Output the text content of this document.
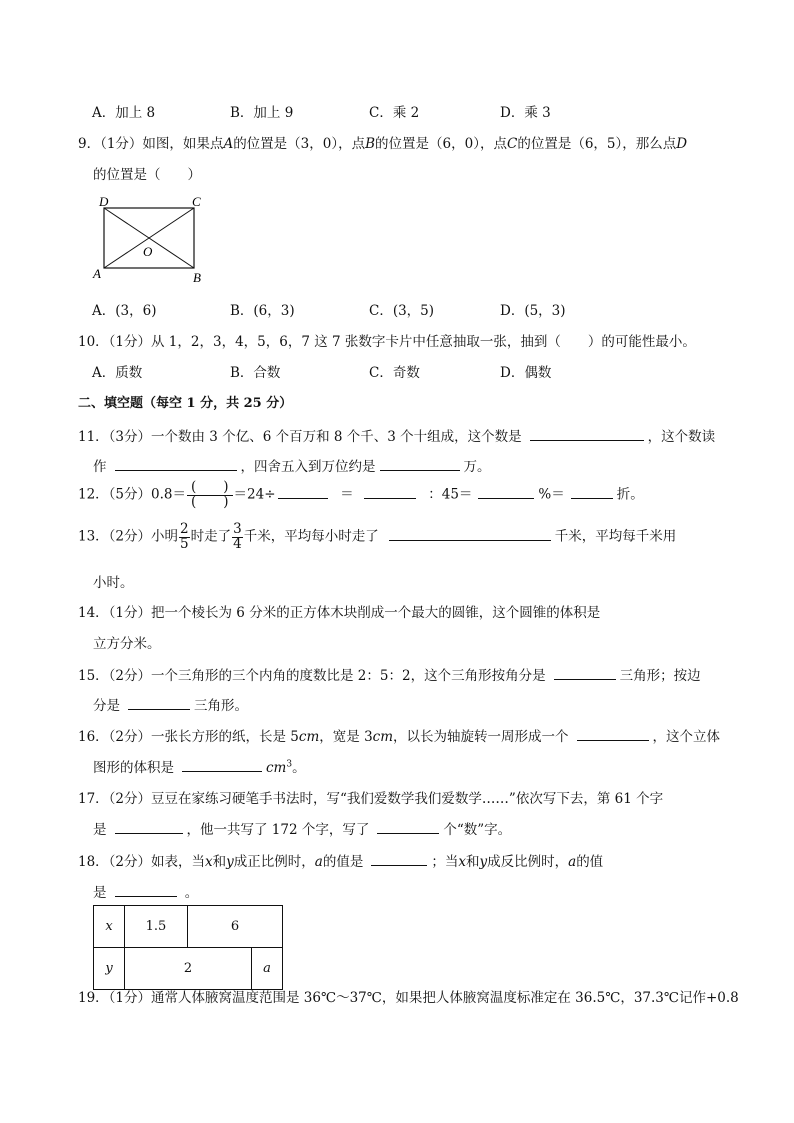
A．加上 8	B．加上 9	C．乘 2	D．乘 3
9．（1分）如图，如果点A的位置是（3，0），点B的位置是（6，0），点C的位置是（6，5），那么点D
的位置是（　　）
D	C
O
A	B
A．(3，6)	B．(6，3)	C．(3，5)	D．(5，3)
10．（1分）从 1，2，3，4，5，6，7 这 7 张数字卡片中任意抽取一张，抽到（　　）的可能性最小。
A．质数	B．合数	C．奇数	D．偶数
二、填空题（每空 1 分，共 25 分）
11．（3分）一个数由 3 个亿、6 个百万和 8 个千、3 个十组成，这个数是	，这个数读
作	，四舍五入到万位约是	万。
12．（5分）$0.8= \frac{( )}{( )} =24\div$	＝	：45＝	%＝	折。
13．（2分）小明 $\frac{2}{5}$ 时走了 $\frac{3}{4}$ 千米，平均每小时走了	千米，平均每千米用
小时。
14．（1分）把一个棱长为 6 分米的正方体木块削成一个最大的圆锥，这个圆锥的体积是
立方分米。
15．（2分）一个三角形的三个内角的度数比是 2：5：2，这个三角形按角分是	三角形；按边
分是	三角形。
16．（2分）一张长方形的纸，长是 5cm，宽是 3cm，以长为轴旋转一周形成一个	，这个立体
图形的体积是	$cm^3$。
17．（2分）豆豆在家练习硬笔手书法时，写“我们爱数学我们爱数学……”依次写下去，第 61 个字
是	，他一共写了 172 个字，写了	个“数”字。
18．（2分）如表，当x和y成正比例时，a的值是	；当x和y成反比例时，a的值
是	。
x	1.5	6	
y	2		a
19．（1分）通常人体腋窝温度范围是 36℃～37℃，如果把人体腋窝温度标准定在 36.5℃，37.3℃记作+0.8
